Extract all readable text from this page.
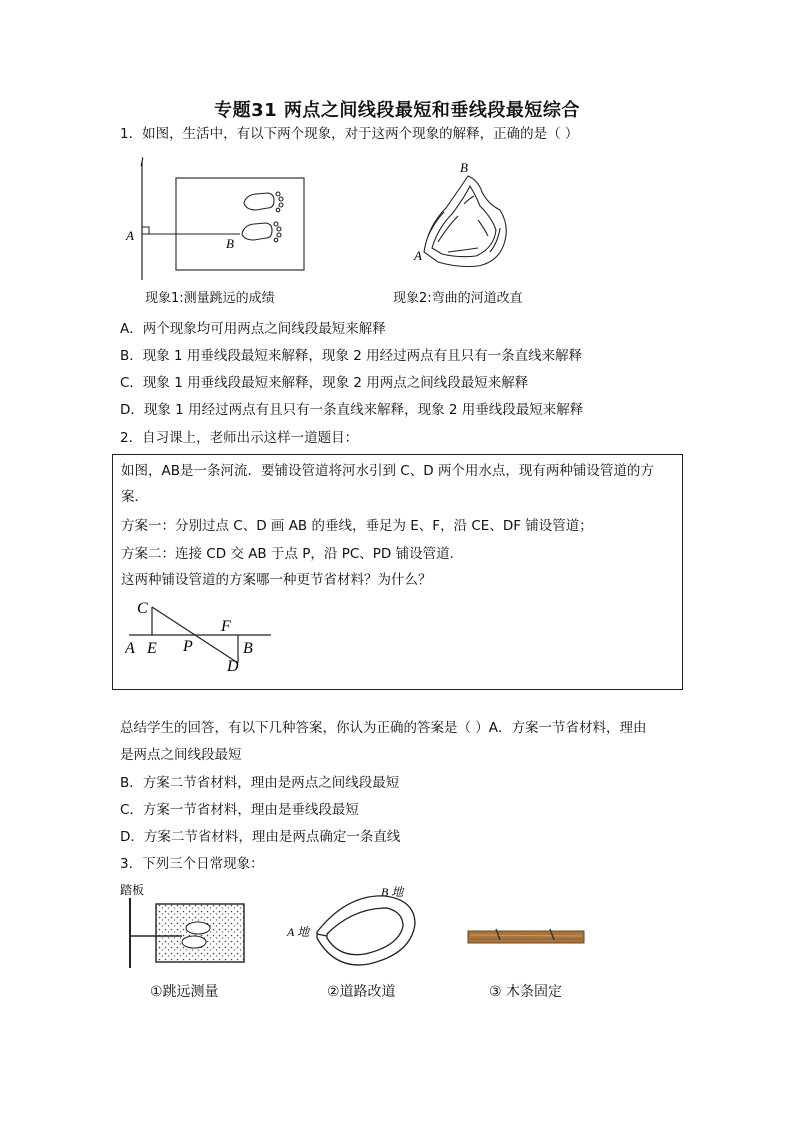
专题31 两点之间线段最短和垂线段最短综合
1．如图，生活中，有以下两个现象，对于这两个现象的解释，正确的是（ ）
l
A
B
现象1:测量跳远的成绩
B
A
现象2:弯曲的河道改直
A．两个现象均可用两点之间线段最短来解释
B．现象 1 用垂线段最短来解释，现象 2 用经过两点有且只有一条直线来解释
C．现象 1 用垂线段最短来解释，现象 2 用两点之间线段最短来解释
D．现象 1 用经过两点有且只有一条直线来解释，现象 2 用垂线段最短来解释
2．自习课上，老师出示这样一道题目：
如图，AB是一条河流．要铺设管道将河水引到 C、D 两个用水点，现有两种铺设管道的方
案．
方案一：分别过点 C、D 画 AB 的垂线，垂足为 E、F，沿 CE、DF 铺设管道；
方案二：连接 CD 交 AB 于点 P，沿 PC、PD 铺设管道．
这两种铺设管道的方案哪一种更节省材料？为什么？
C
F
A E P	B
D
总结学生的回答，有以下几种答案，你认为正确的答案是（ ）A．方案一节省材料，理由
是两点之间线段最短
B．方案二节省材料，理由是两点之间线段最短
C．方案一节省材料，理由是垂线段最短
D．方案二节省材料，理由是两点确定一条直线
3．下列三个日常现象：
踏板
①跳远测量
B 地
A 地
②道路改道	③ 木条固定
